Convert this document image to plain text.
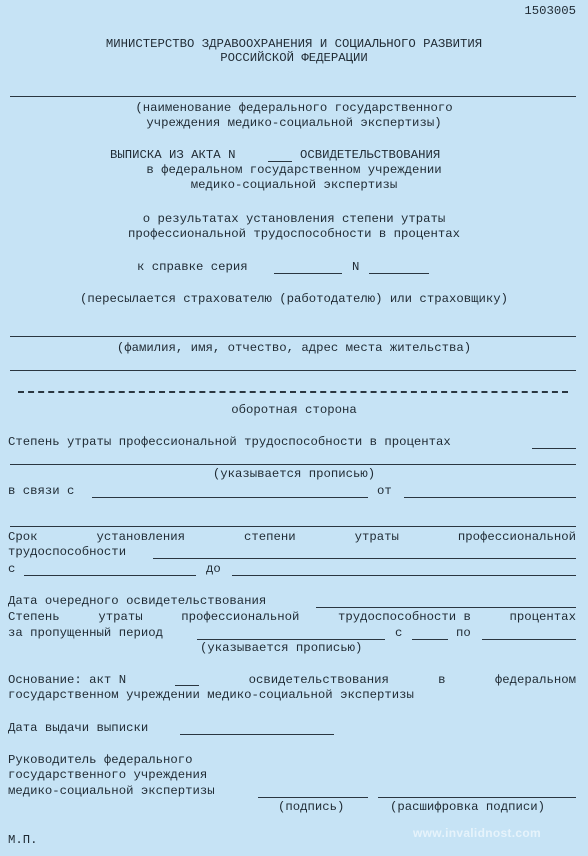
1503005
МИНИСТЕРСТВО ЗДРАВООХРАНЕНИЯ И СОЦИАЛЬНОГО РАЗВИТИЯ
РОССИЙСКОЙ ФЕДЕРАЦИИ
(наименование федерального государственного
учреждения медико-социальной экспертизы)
ВЫПИСКА ИЗ АКТА N	ОСВИДЕТЕЛЬСТВОВАНИЯ
в федеральном государственном учреждении
медико-социальной экспертизы
о результатах установления степени утраты
профессиональной трудоспособности в процентах
к справке серия	N
(пересылается страхователю (работодателю) или страховщику)
(фамилия, имя, отчество, адрес места жительства)
оборотная сторона
Степень утраты профессиональной трудоспособности в процентах
(указывается прописью)
в связи с	от
Срок	установления	степени	утраты	профессиональной
трудоспособности
с	до
Дата очередного освидетельствования
Степень	утраты	профессиональной	трудоспособности в	процентах
за пропущенный период	с	по
(указывается прописью)
Основание: акт N	освидетельствования	в	федеральном
государственном учреждении медико-социальной экспертизы
Дата выдачи выписки
Руководитель федерального
государственного учреждения
медико-социальной экспертизы
(подпись)	(расшифровка подписи)
М.П.	www.invalidnost.com
